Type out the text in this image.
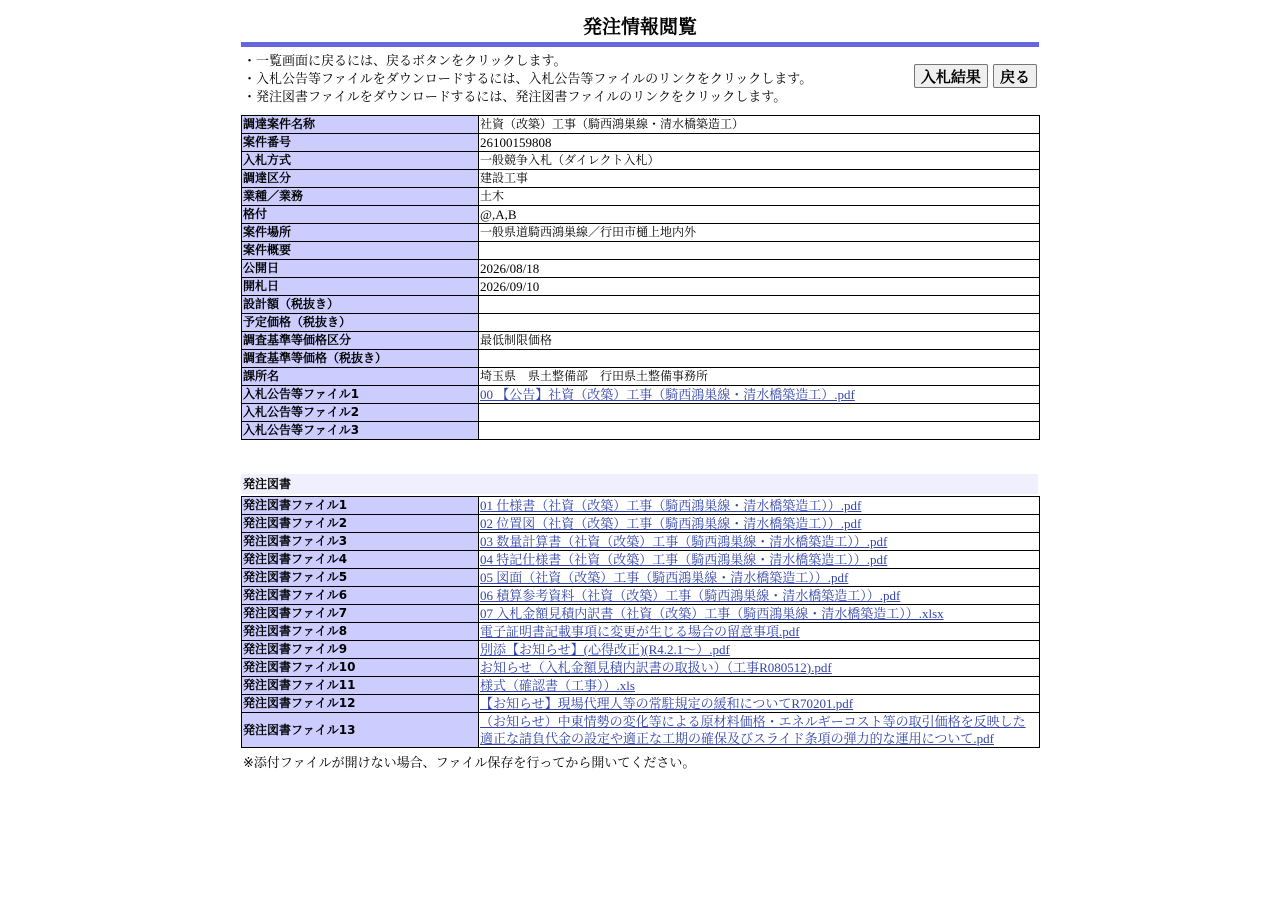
発注情報閲覧
・一覧画面に戻るには、戻るボタンをクリックします。
・入札公告等ファイルをダウンロードするには、入札公告等ファイルのリンクをクリックします。
・発注図書ファイルをダウンロードするには、発注図書ファイルのリンクをクリックします。
入札結果 戻る
調達案件名称	社資（改築）工事（騎西鴻巣線・清水橋築造工）
案件番号	26100159808
入札方式	一般競争入札（ダイレクト入札）
調達区分	建設工事
業種／業務	土木
格付	@,A,B
案件場所	一般県道騎西鴻巣線／行田市樋上地内外
案件概要	
公開日	2026/08/18
開札日	2026/09/10
設計額（税抜き）	
予定価格（税抜き）	
調査基準等価格区分	最低制限価格
調査基準等価格（税抜き）	
課所名	埼玉県　県土整備部　行田県土整備事務所
入札公告等ファイル1	00 【公告】社資（改築）工事（騎西鴻巣線・清水橋築造工）.pdf
入札公告等ファイル2	
入札公告等ファイル3	
発注図書
発注図書ファイル1	01 仕様書（社資（改築）工事（騎西鴻巣線・清水橋築造工））.pdf
発注図書ファイル2	02 位置図（社資（改築）工事（騎西鴻巣線・清水橋築造工））.pdf
発注図書ファイル3	03 数量計算書（社資（改築）工事（騎西鴻巣線・清水橋築造工））.pdf
発注図書ファイル4	04 特記仕様書（社資（改築）工事（騎西鴻巣線・清水橋築造工））.pdf
発注図書ファイル5	05 図面（社資（改築）工事（騎西鴻巣線・清水橋築造工））.pdf
発注図書ファイル6	06 積算参考資料（社資（改築）工事（騎西鴻巣線・清水橋築造工））.pdf
発注図書ファイル7	07 入札金額見積内訳書（社資（改築）工事（騎西鴻巣線・清水橋築造工））.xlsx
発注図書ファイル8	電子証明書記載事項に変更が生じる場合の留意事項.pdf
発注図書ファイル9	別添【お知らせ】(心得改正)(R4.2.1～）.pdf
発注図書ファイル10	お知らせ（入札金額見積内訳書の取扱い）（工事R080512).pdf
発注図書ファイル11	様式（確認書（工事））.xls
発注図書ファイル12	【お知らせ】現場代理人等の常駐規定の緩和についてR70201.pdf
発注図書ファイル13	（お知らせ）中東情勢の変化等による原材料価格・エネルギーコスト等の取引価格を反映した適正な請負代金の設定や適正な工期の確保及びスライド条項の弾力的な運用について.pdf
※添付ファイルが開けない場合、ファイル保存を行ってから開いてください。
